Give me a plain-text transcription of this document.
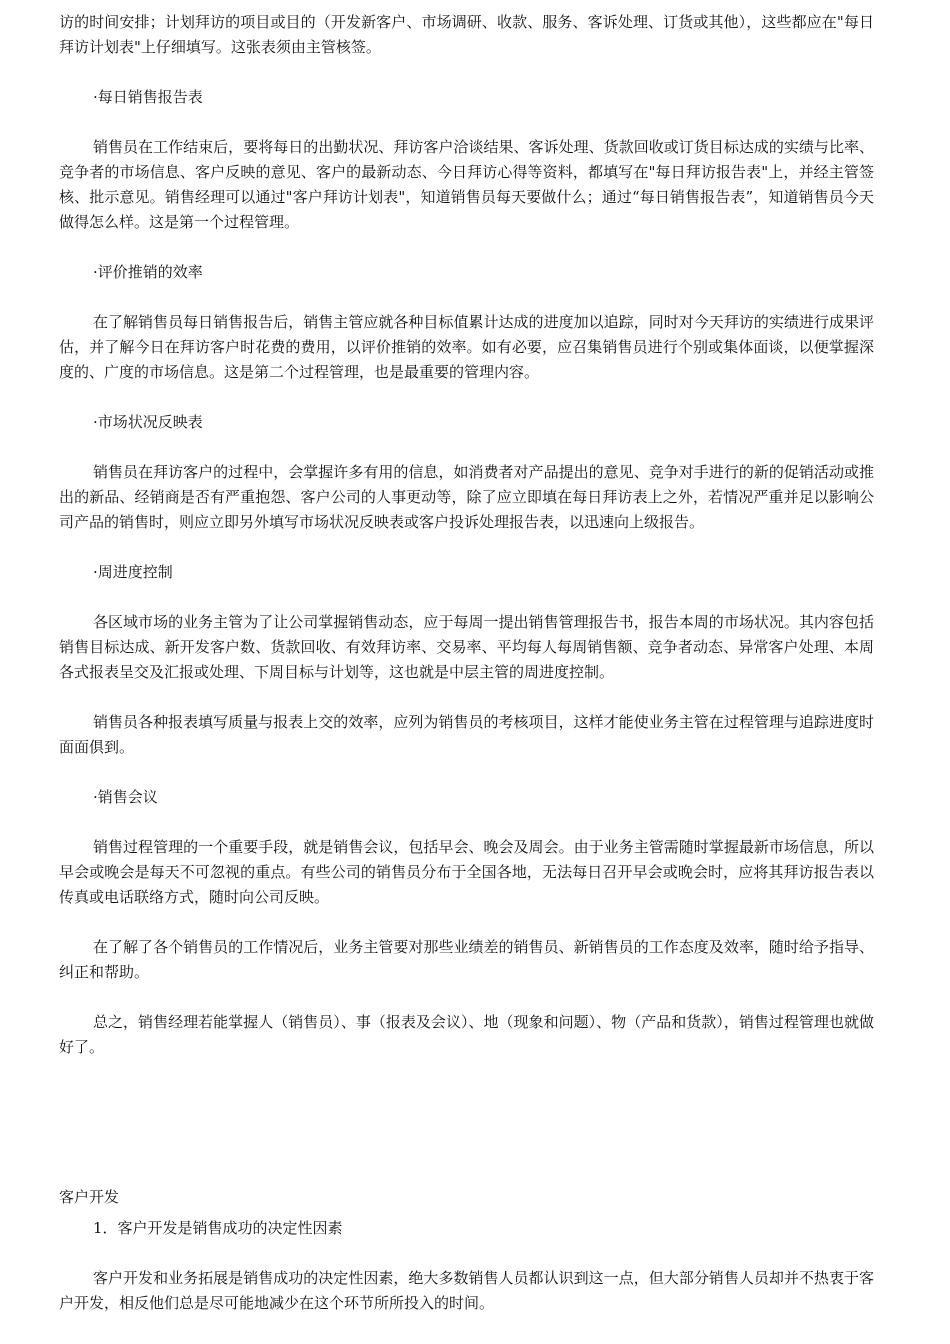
访的时间安排；计划拜访的项目或目的（开发新客户、市场调研、收款、服务、客诉处理、订货或其他），这些都应在"每日拜访计划表"上仔细填写。这张表须由主管核签。

·每日销售报告表

销售员在工作结束后，要将每日的出勤状况、拜访客户洽谈结果、客诉处理、货款回收或订货目标达成的实绩与比率、竞争者的市场信息、客户反映的意见、客户的最新动态、今日拜访心得等资料，都填写在"每日拜访报告表"上，并经主管签核、批示意见。销售经理可以通过"客户拜访计划表"，知道销售员每天要做什么；通过“每日销售报告表”，知道销售员今天做得怎么样。这是第一个过程管理。

·评价推销的效率

在了解销售员每日销售报告后，销售主管应就各种目标值累计达成的进度加以追踪，同时对今天拜访的实绩进行成果评估，并了解今日在拜访客户时花费的费用，以评价推销的效率。如有必要，应召集销售员进行个别或集体面谈，以便掌握深度的、广度的市场信息。这是第二个过程管理，也是最重要的管理内容。

·市场状况反映表

销售员在拜访客户的过程中，会掌握许多有用的信息，如消费者对产品提出的意见、竞争对手进行的新的促销活动或推出的新品、经销商是否有严重抱怨、客户公司的人事更动等，除了应立即填在每日拜访表上之外，若情况严重并足以影响公司产品的销售时，则应立即另外填写市场状况反映表或客户投诉处理报告表，以迅速向上级报告。

·周进度控制

各区域市场的业务主管为了让公司掌握销售动态，应于每周一提出销售管理报告书，报告本周的市场状况。其内容包括销售目标达成、新开发客户数、货款回收、有效拜访率、交易率、平均每人每周销售额、竞争者动态、异常客户处理、本周各式报表呈交及汇报或处理、下周目标与计划等，这也就是中层主管的周进度控制。

销售员各种报表填写质量与报表上交的效率，应列为销售员的考核项目，这样才能使业务主管在过程管理与追踪进度时面面俱到。

·销售会议

销售过程管理的一个重要手段，就是销售会议，包括早会、晚会及周会。由于业务主管需随时掌握最新市场信息，所以早会或晚会是每天不可忽视的重点。有些公司的销售员分布于全国各地，无法每日召开早会或晚会时，应将其拜访报告表以传真或电话联络方式，随时向公司反映。

在了解了各个销售员的工作情况后，业务主管要对那些业绩差的销售员、新销售员的工作态度及效率，随时给予指导、纠正和帮助。

总之，销售经理若能掌握人（销售员）、事（报表及会议）、地（现象和问题）、物（产品和货款），销售过程管理也就做好了。

客户开发

1．客户开发是销售成功的决定性因素

客户开发和业务拓展是销售成功的决定性因素，绝大多数销售人员都认识到这一点，但大部分销售人员却并不热衷于客户开发，相反他们总是尽可能地减少在这个环节所所投入的时间。
